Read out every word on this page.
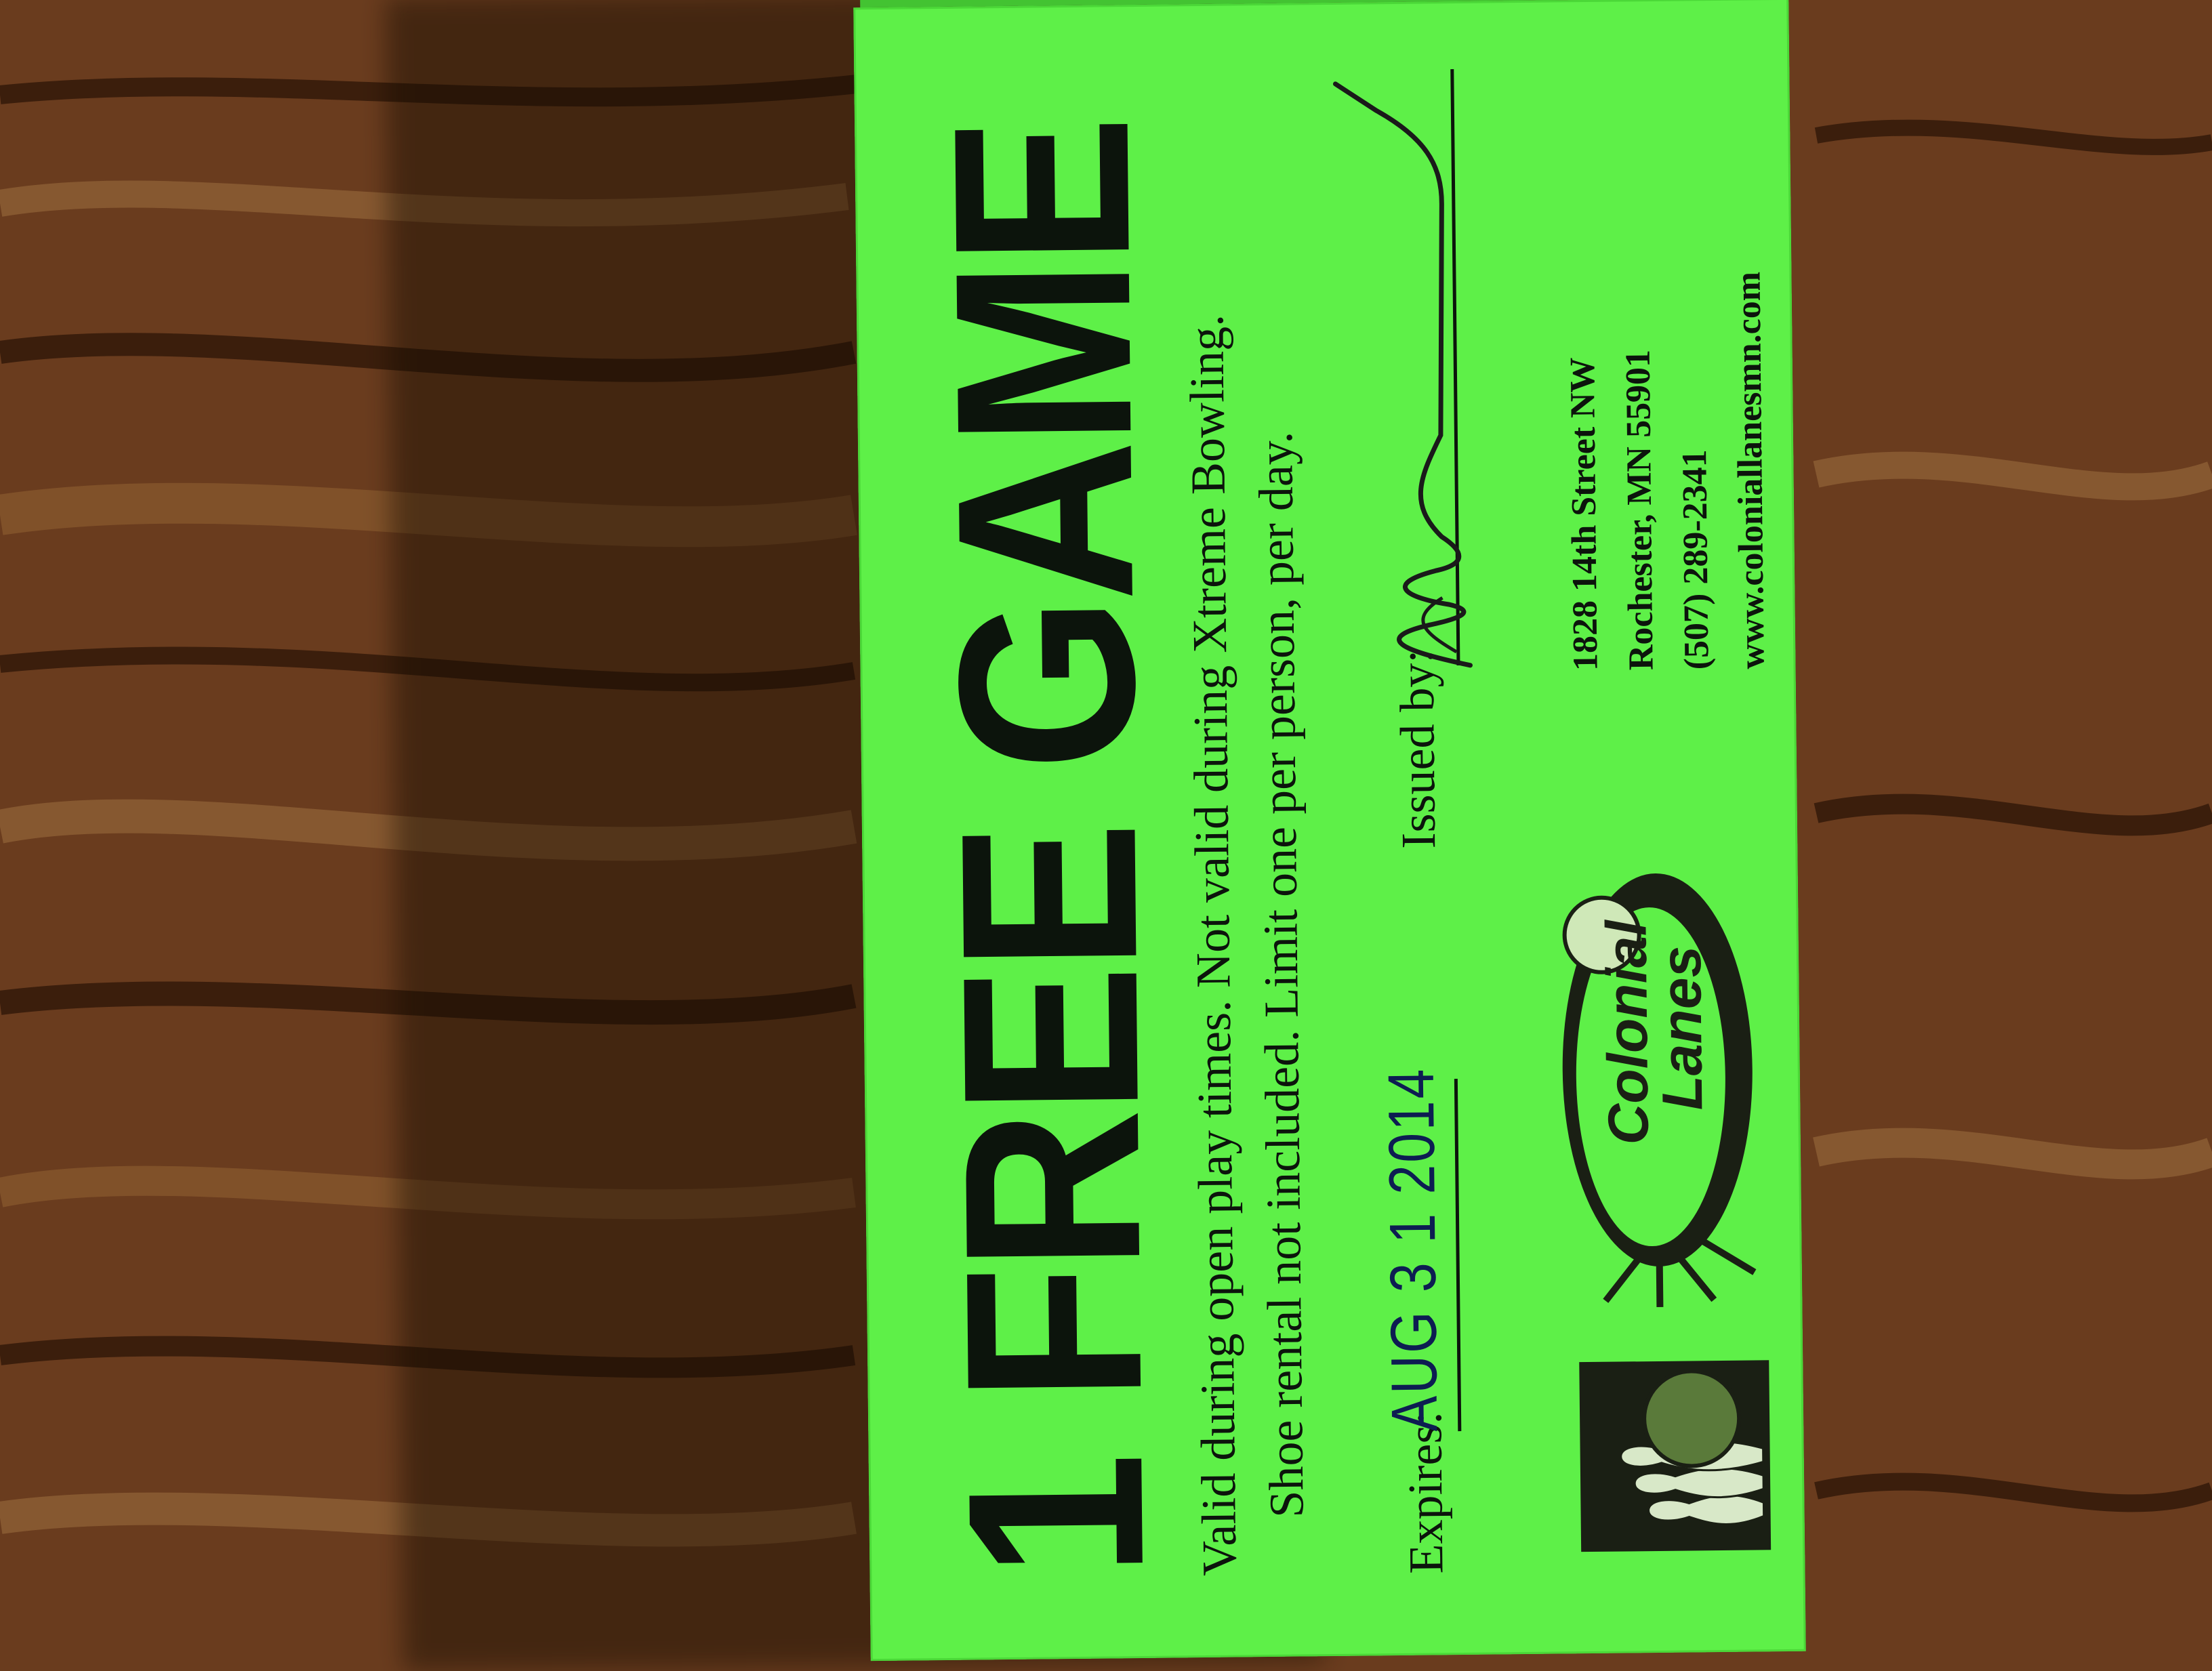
1 FREE GAME
Valid during open play times. Not valid during Xtreme Bowling. Shoe rental not included. Limit one per person, per day. Expires:
AUG 3 1 2014
Issued by:
1828 14th Street NW Rochester, MN 55901 (507) 289-2341 www.coloniallanesmn.com
Colonial
Lanes
